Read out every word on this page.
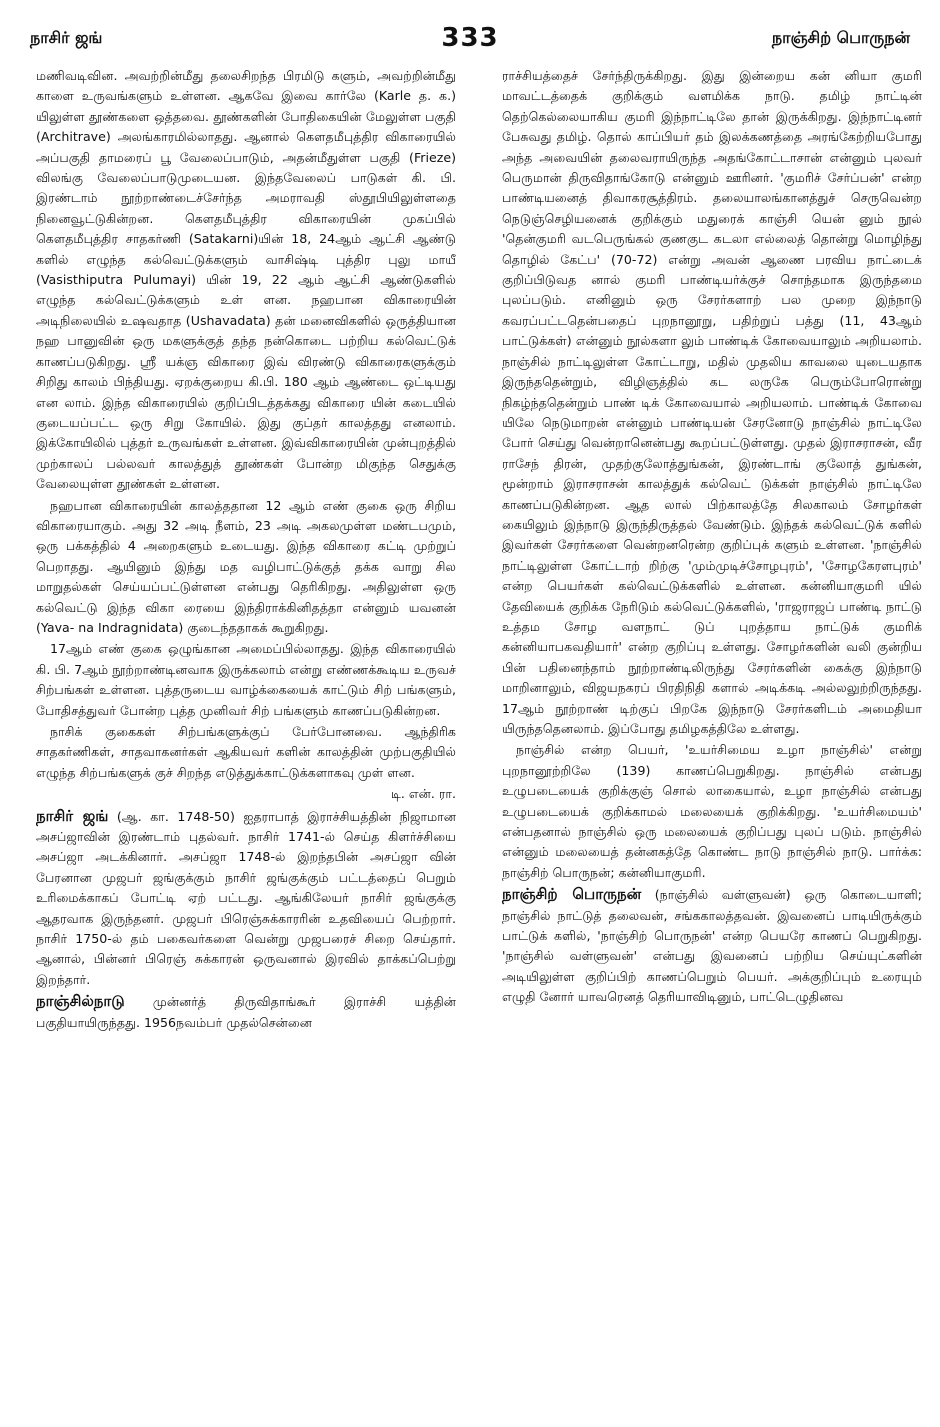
நாசிர் ஜங்	333	நாஞ்சிற் பொருநன்

மணிவடிவின. அவற்றின்மீது தலைசிறந்த பிரமிடு களும், அவற்றின்மீது காளை உருவங்களும் உள்ளன. ஆகவே இவை கார்லே (Karle த. க.) யிலுள்ள தூண்களை ஒத்தவை. தூண்களின் போதிகையின் மேலுள்ள பகுதி (Architrave) அலங்காரமில்லாதது. ஆனால் கௌதமீபுத்திர விகாரையில் அப்பகுதி தாமரைப் பூ வேலைப்பாடும், அதன்மீதுள்ள பகுதி (Frieze) விலங்கு வேலைப்பாடுமுடையன. இந்தவேலைப் பாடுகள் கி. பி. இரண்டாம் நூற்றாண்டைச்சேர்ந்த அமராவதி ஸ்தூபியிலுள்ளதை நினைவூட்டுகின்றன. கௌதமீபுத்திர விகாரையின் முகப்பில் கௌதமீபுத்திர சாதகர்ணி (Satakarni)யின் 18, 24ஆம் ஆட்சி ஆண்டு களில் எழுந்த கல்வெட்டுக்களும் வாசிஷ்டி புத்திர புலு மாயீ (Vasisthiputra Pulumayi) யின் 19, 22 ஆம் ஆட்சி ஆண்டுகளில் எழுந்த கல்வெட்டுக்களும் உள் ளன. நஹபான விகாரையின் அடிநிலையில் உஷவதாத (Ushavadata) தன் மனைவிகளில் ஒருத்தியான நஹ பானுவின் ஒரு மகளுக்குத் தந்த நன்கொடை பற்றிய கல்வெட்டுக் காணப்படுகிறது. ஸ்ரீ யக்ஞ விகாரை இவ் விரண்டு விகாரைகளுக்கும் சிறிது காலம் பிந்தியது. ஏறக்குறைய கி.பி. 180 ஆம் ஆண்டை ஒட்டியது என லாம். இந்த விகாரையில் குறிப்பிடத்தக்கது விகாரை யின் கடையில் குடையப்பட்ட ஒரு சிறு கோயில். இது குப்தர் காலத்தது எனலாம். இக்கோயிலில் புத்தர் உருவங்கள் உள்ளன. இவ்விகாரையின் முன்புறத்தில் முற்காலப் பல்லவர் காலத்துத் தூண்கள் போன்ற மிகுந்த செதுக்கு வேலையுள்ள தூண்கள் உள்ளன.

நஹபான விகாரையின் காலத்ததான 12 ஆம் எண் குகை ஒரு சிறிய விகாரையாகும். அது 32 அடி நீளம், 23 அடி அகலமுள்ள மண்டபமும், ஒரு பக்கத்தில் 4 அறைகளும் உடையது. இந்த விகாரை கட்டி முற்றுப் பெறாதது. ஆயினும் இந்து மத வழிபாட்டுக்குத் தக்க வாறு சில மாறுதல்கள் செய்யப்பட்டுள்ளன என்பது தெரிகிறது. அதிலுள்ள ஒரு கல்வெட்டு இந்த விகா ரையை இந்திராக்கினிதத்தா என்னும் யவனன் (Yava- na Indragnidata) குடைந்ததாகக் கூறுகிறது.

17ஆம் எண் குகை ஒழுங்கான அமைப்பில்லாதது. இந்த விகாரையில் கி. பி. 7ஆம் நூற்றாண்டினவாக இருக்கலாம் என்று எண்ணக்கூடிய உருவச் சிற்பங்கள் உள்ளன. புத்தருடைய வாழ்க்கையைக் காட்டும் சிற் பங்களும், போதிசத்துவர் போன்ற புத்த முனிவர் சிற் பங்களும் காணப்படுகின்றன.

நாசிக் குகைகள் சிற்பங்களுக்குப் பேர்போனவை. ஆந்திரிக சாதகர்ணிகள், சாதவாகனர்கள் ஆகியவர் களின் காலத்தின் முற்பகுதியில் எழுந்த சிற்பங்களுக் குச் சிறந்த எடுத்துக்காட்டுக்களாகவு முள் ளன.

டி. என். ரா.

நாசிர் ஜங் (ஆ. கா. 1748-50) ஐதராபாத் இராச்சியத்தின் நிஜாமான அசப்ஜாவின் இரண்டாம் புதல்வர். நாசிர் 1741-ல் செய்த கிளர்ச்சியை அசப்ஜா அடக்கினார். அசப்ஜா 1748-ல் இறந்தபின் அசப்ஜா வின் பேரனான முஜபர் ஜங்குக்கும் நாசிர் ஜங்குக்கும் பட்டத்தைப் பெறும் உரிமைக்காகப் போட்டி ஏற் பட்டது. ஆங்கிலேயர் நாசிர் ஜங்குக்கு ஆதரவாக இருந்தனர். முஜபர் பிரெஞ்சுக்காரரின் உதவியைப் பெற்றார். நாசிர் 1750-ல் தம் பகைவர்களை வென்று முஜபரைச் சிறை செய்தார். ஆனால், பின்னர் பிரெஞ் சுக்காரன் ஒருவனால் இரவில் தாக்கப்பெற்று இறந்தார்.

நாஞ்சில்நாடு முன்னர்த் திருவிதாங்கூர் இராச்சி யத்தின் பகுதியாயிருந்தது. 1956நவம்பர் முதல்சென்னை

ராச்சியத்தைச் சேர்ந்திருக்கிறது. இது இன்றைய கன் னியா குமரி மாவட்டத்தைக் குறிக்கும் வளமிக்க நாடு. தமிழ் நாட்டின் தெற்கெல்லையாகிய குமரி இந்நாட்டிலே தான் இருக்கிறது. இந்நாட்டினர் பேசுவது தமிழ். தொல் காப்பியர் தம் இலக்கணத்தை அரங்கேற்றியபோது அந்த அவையின் தலைவராயிருந்த அதங்கோட்டாசான் என்னும் புலவர் பெருமான் திருவிதாங்கோடு என்னும் ஊரினர். 'குமரிச் சேர்ப்பன்' என்ற பாண்டியனைத் திவாகரசூத்திரம். தலையாலங்கானத்துச் செருவென்ற நெடுஞ்செழியனைக் குறிக்கும் மதுரைக் காஞ்சி யென் னும் நூல் 'தென்குமரி வடபெருங்கல் குணகுட கடலா எல்லைத் தொன்று மொழிந்து தொழில் கேட்ப' (70-72) என்று அவன் ஆணை பரவிய நாட்டைக் குறிப்பிடுவத னால் குமரி பாண்டியர்க்குச் சொந்தமாக இருந்தமை புலப்படும். எனினும் ஒரு சேரர்களாற் பல முறை இந்நாடு கவரப்பட்டதென்பதைப் புறநானூறு, பதிற்றுப் பத்து (11, 43ஆம் பாட்டுக்கள்) என்னும் நூல்களா லும் பாண்டிக் கோவையாலும் அறியலாம். நாஞ்சில் நாட்டிலுள்ள கோட்டாறு, மதில் முதலிய காவலை யுடையதாக இருந்ததென்றும், விழிஞத்தில் கட லருகே பெரும்போரொன்று நிகழ்ந்ததென்றும் பாண் டிக் கோவையால் அறியலாம். பாண்டிக் கோவை யிலே நெடுமாறன் என்னும் பாண்டியன் சேரனோடு நாஞ்சில் நாட்டிலே போர் செய்து வென்றானென்பது கூறப்பட்டுள்ளது. முதல் இராசராசன், வீர ராசேந் திரன், முதற்குலோத்துங்கன், இரண்டாங் குலோத் துங்கன், மூன்றாம் இராசராசன் காலத்துக் கல்வெட் டுக்கள் நாஞ்சில் நாட்டிலே காணப்படுகின்றன. ஆத லால் பிற்காலத்தே சிலகாலம் சோழர்கள் கையிலும் இந்நாடு இருந்திருத்தல் வேண்டும். இந்தக் கல்வெட்டுக் களில் இவர்கள் சேரர்களை வென்றனரென்ற குறிப்புக் களும் உள்ளன. 'நாஞ்சில் நாட்டிலுள்ள கோட்டாற் றிற்கு 'மும்முடிச்சோழபுரம்', 'சோழகேரளபுரம்' என்ற பெயர்கள் கல்வெட்டுக்களில் உள்ளன. கன்னியாகுமரி யில் தேவியைக் குறிக்க நேரிடும் கல்வெட்டுக்களில், 'ராஜராஜப் பாண்டி நாட்டு உத்தம சோழ வளநாட் டுப் புறத்தாய நாட்டுக் குமரிக் கன்னியாபகவதியார்' என்ற குறிப்பு உள்ளது. சோழர்களின் வலி குன்றிய பின் பதினைந்தாம் நூற்றாண்டிலிருந்து சேரர்களின் கைக்கு இந்நாடு மாறினாலும், விஜயநகரப் பிரதிநிதி களால் அடிக்கடி அல்லலுற்றிருந்தது. 17ஆம் நூற்றாண் டிற்குப் பிறகே இந்நாடு சேரர்களிடம் அமைதியா யிருந்ததெனலாம். இப்போது தமிழகத்திலே உள்ளது.

நாஞ்சில் என்ற பெயர், 'உயர்சிமைய உழா நாஞ்சில்' என்று புறநானூற்றிலே (139) காணப்பெறுகிறது. நாஞ்சில் என்பது உழுபடையைக் குறிக்குஞ் சொல் லாகையால், உழா நாஞ்சில் என்பது உழுபடையைக் குறிக்காமல் மலையைக் குறிக்கிறது. 'உயர்சிமையம்' என்பதனால் நாஞ்சில் ஒரு மலையைக் குறிப்பது புலப் படும். நாஞ்சில் என்னும் மலையைத் தன்னகத்தே கொண்ட நாடு நாஞ்சில் நாடு. பார்க்க: நாஞ்சிற் பொருநன்; கன்னியாகுமரி.

நாஞ்சிற் பொருநன் (நாஞ்சில் வள்ளுவன்) ஒரு கொடையாளி; நாஞ்சில் நாட்டுத் தலைவன், சங்ககாலத்தவன். இவனைப் பாடியிருக்கும் பாட்டுக் களில், 'நாஞ்சிற் பொருநன்' என்ற பெயரே காணப் பெறுகிறது. 'நாஞ்சில் வள்ளுவன்' என்பது இவனைப் பற்றிய செய்யுட்களின் அடியிலுள்ள குறிப்பிற் காணப்பெறும் பெயர். அக்குறிப்பும் உரையும் எழுதி னோர் யாவரெனத் தெரியாவிடினும், பாட்டெழுதினவ
